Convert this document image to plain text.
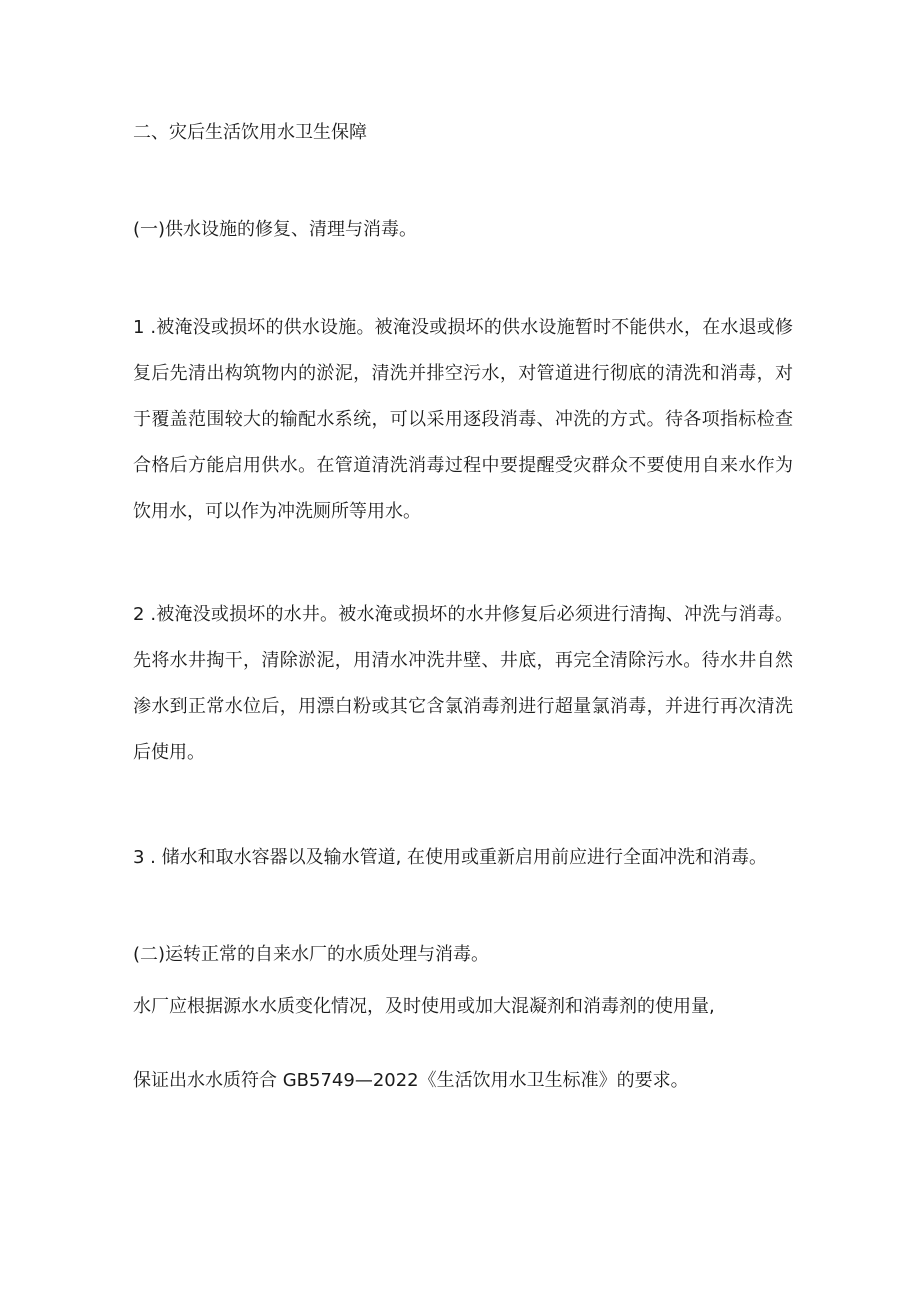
二、灾后生活饮用水卫生保障

(一)供水设施的修复、清理与消毒。

1 .被淹没或损坏的供水设施。被淹没或损坏的供水设施暂时不能供水，在水退或修复后先清出构筑物内的淤泥，清洗并排空污水，对管道进行彻底的清洗和消毒，对于覆盖范围较大的输配水系统，可以采用逐段消毒、冲洗的方式。待各项指标检查合格后方能启用供水。在管道清洗消毒过程中要提醒受灾群众不要使用自来水作为饮用水，可以作为冲洗厕所等用水。

2 .被淹没或损坏的水井。被水淹或损坏的水井修复后必须进行清掏、冲洗与消毒。先将水井掏干，清除淤泥，用清水冲洗井壁、井底，再完全清除污水。待水井自然渗水到正常水位后，用漂白粉或其它含氯消毒剂进行超量氯消毒，并进行再次清洗后使用。

3 . 储水和取水容器以及输水管道, 在使用或重新启用前应进行全面冲洗和消毒。

(二)运转正常的自来水厂的水质处理与消毒。

水厂应根据源水水质变化情况，及时使用或加大混凝剂和消毒剂的使用量,

保证出水水质符合 GB5749—2022《生活饮用水卫生标准》的要求。
